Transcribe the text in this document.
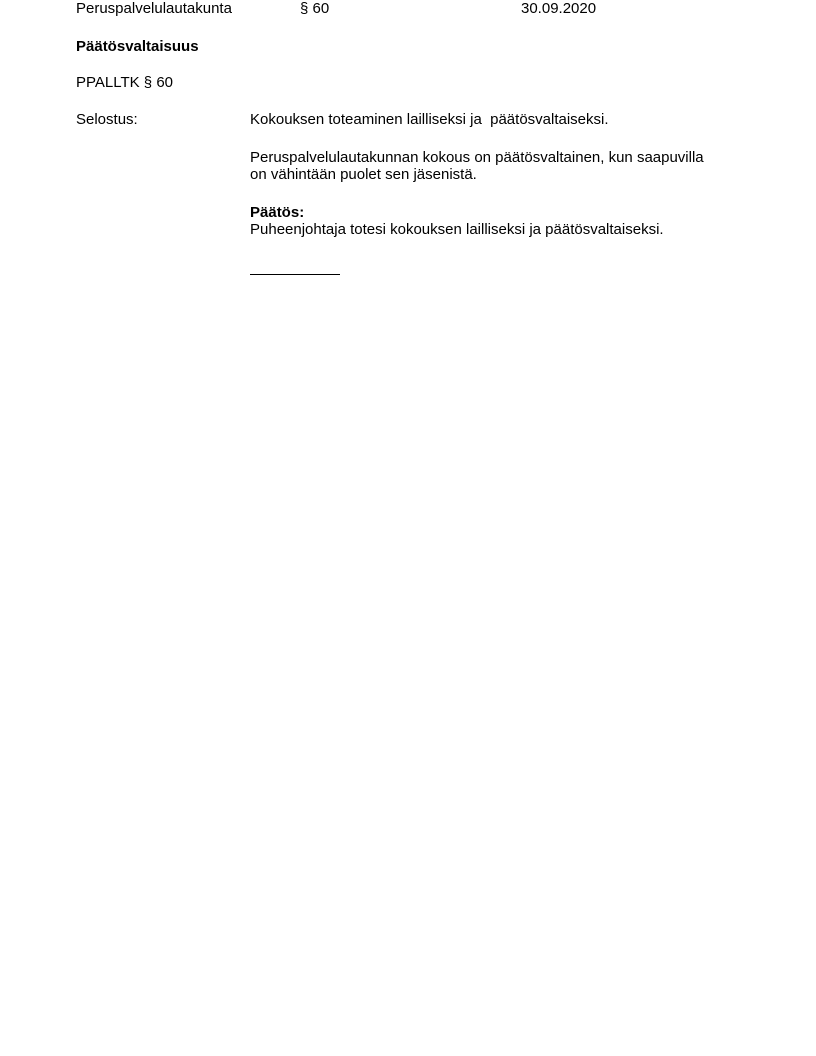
Peruspalvelulautakunta	§ 60	30.09.2020
Päätösvaltaisuus
PPALLTK § 60
Selostus:	Kokouksen toteaminen lailliseksi ja  päätösvaltaiseksi.
Peruspalvelulautakunnan kokous on päätösvaltainen, kun saapuvilla
on vähintään puolet sen jäsenistä.
Päätös:
Puheenjohtaja totesi kokouksen lailliseksi ja päätösvaltaiseksi.
